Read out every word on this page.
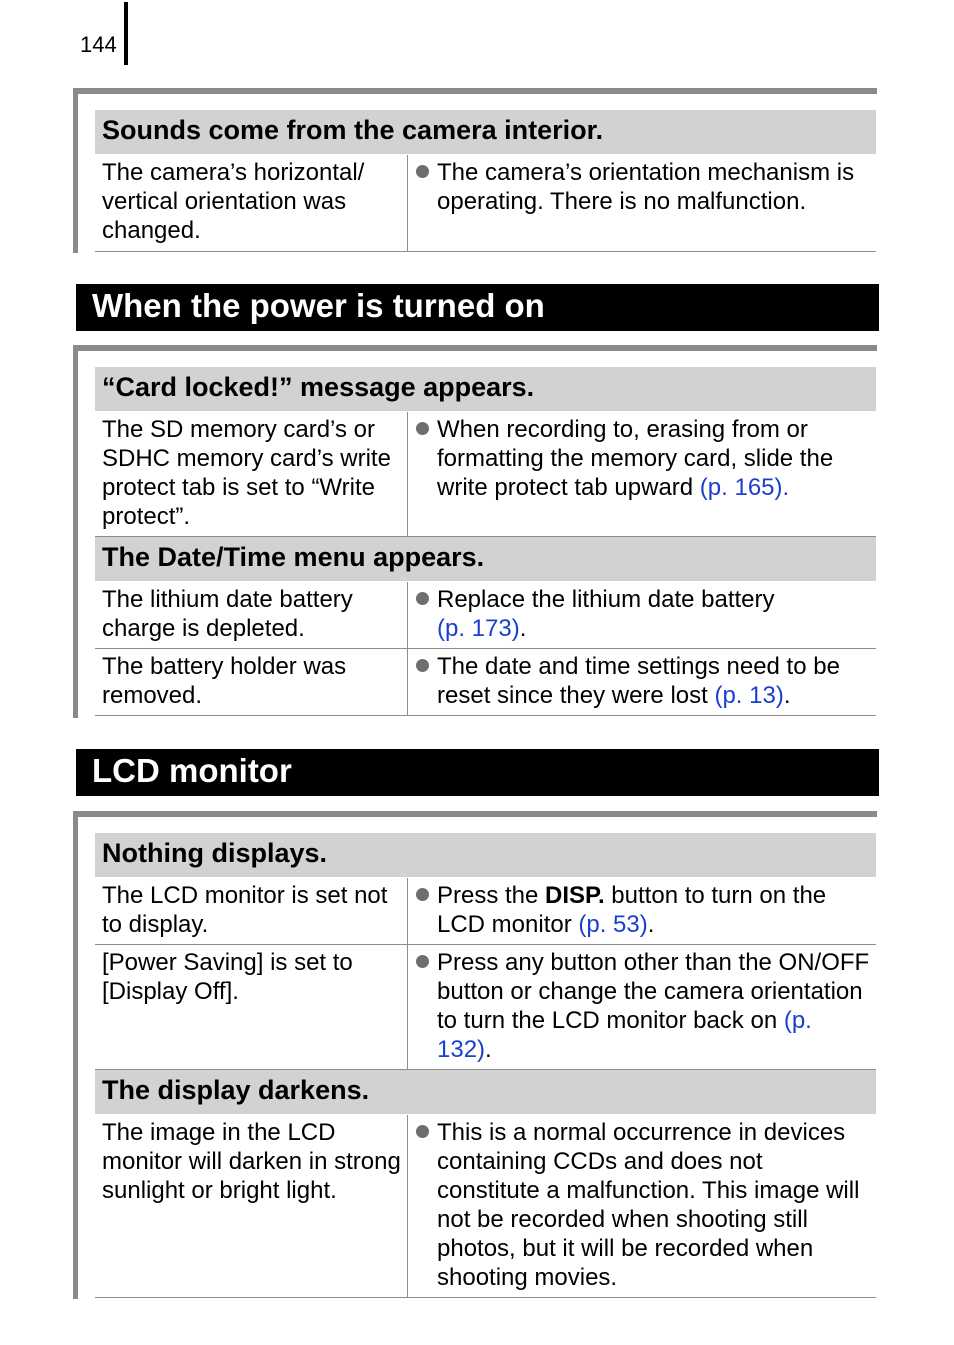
144
Sounds come from the camera interior.
The camera’s horizontal/ vertical orientation was changed.
The camera’s orientation mechanism is operating. There is no malfunction.
When the power is turned on
“Card locked!” message appears.
The SD memory card’s or SDHC memory card’s write protect tab is set to “Write protect”.
When recording to, erasing from or formatting the memory card, slide the write protect tab upward (p. 165).
The Date/Time menu appears.
The lithium date battery charge is depleted.
Replace the lithium date battery
(p. 173).
The battery holder was removed.
The date and time settings need to be reset since they were lost (p. 13).
LCD monitor
Nothing displays.
The LCD monitor is set not to display.
Press the DISP. button to turn on the LCD monitor (p. 53).
[Power Saving] is set to [Display Off].
Press any button other than the ON/OFF button or change the camera orientation to turn the LCD monitor back on (p. 132).
The display darkens.
The image in the LCD monitor will darken in strong sunlight or bright light.
This is a normal occurrence in devices containing CCDs and does not constitute a malfunction. This image will not be recorded when shooting still photos, but it will be recorded when shooting movies.
